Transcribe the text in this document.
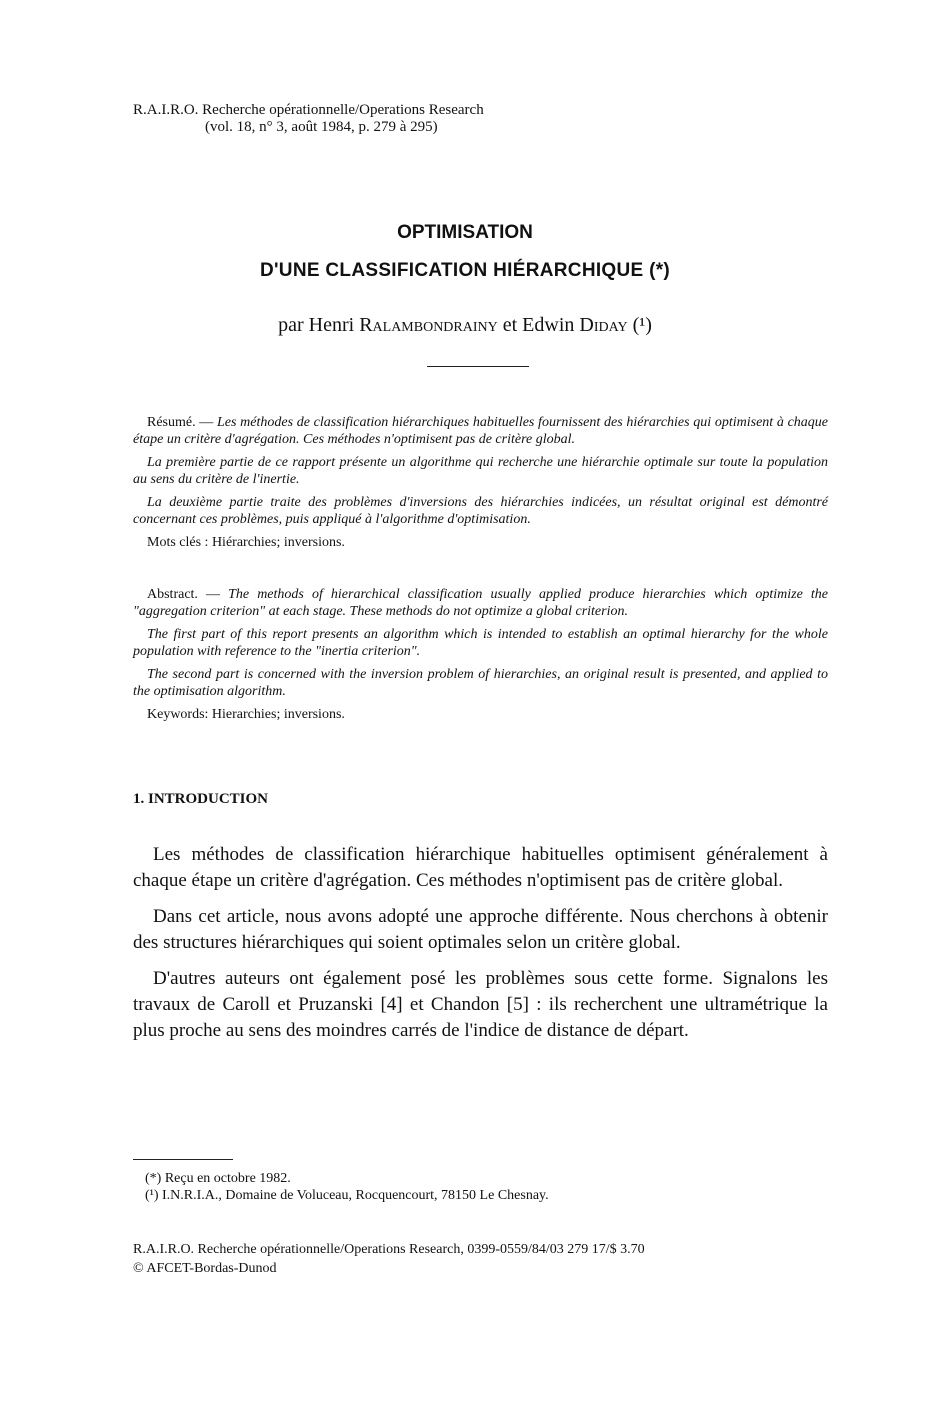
R.A.I.R.O. Recherche opérationnelle/Operations Research
(vol. 18, n° 3, août 1984, p. 279 à 295)
OPTIMISATION
D'UNE CLASSIFICATION HIÉRARCHIQUE (*)
par Henri Ralambondrainy et Edwin Diday (¹)

Résumé. — Les méthodes de classification hiérarchiques habituelles fournissent des hiérarchies qui optimisent à chaque étape un critère d'agrégation. Ces méthodes n'optimisent pas de critère global.

La première partie de ce rapport présente un algorithme qui recherche une hiérarchie optimale sur toute la population au sens du critère de l'inertie.

La deuxième partie traite des problèmes d'inversions des hiérarchies indicées, un résultat original est démontré concernant ces problèmes, puis appliqué à l'algorithme d'optimisation.

Mots clés : Hiérarchies; inversions.

Abstract. — The methods of hierarchical classification usually applied produce hierarchies which optimize the "aggregation criterion" at each stage. These methods do not optimize a global criterion.

The first part of this report presents an algorithm which is intended to establish an optimal hierarchy for the whole population with reference to the "inertia criterion".

The second part is concerned with the inversion problem of hierarchies, an original result is presented, and applied to the optimisation algorithm.

Keywords: Hierarchies; inversions.

1. INTRODUCTION

Les méthodes de classification hiérarchique habituelles optimisent généralement à chaque étape un critère d'agrégation. Ces méthodes n'optimisent pas de critère global.

Dans cet article, nous avons adopté une approche différente. Nous cherchons à obtenir des structures hiérarchiques qui soient optimales selon un critère global.

D'autres auteurs ont également posé les problèmes sous cette forme. Signalons les travaux de Caroll et Pruzanski [4] et Chandon [5] : ils recherchent une ultramétrique la plus proche au sens des moindres carrés de l'indice de distance de départ.

(*) Reçu en octobre 1982.
(¹) I.N.R.I.A., Domaine de Voluceau, Rocquencourt, 78150 Le Chesnay.
R.A.I.R.O. Recherche opérationnelle/Operations Research, 0399-0559/84/03 279 17/$ 3.70
© AFCET-Bordas-Dunod
